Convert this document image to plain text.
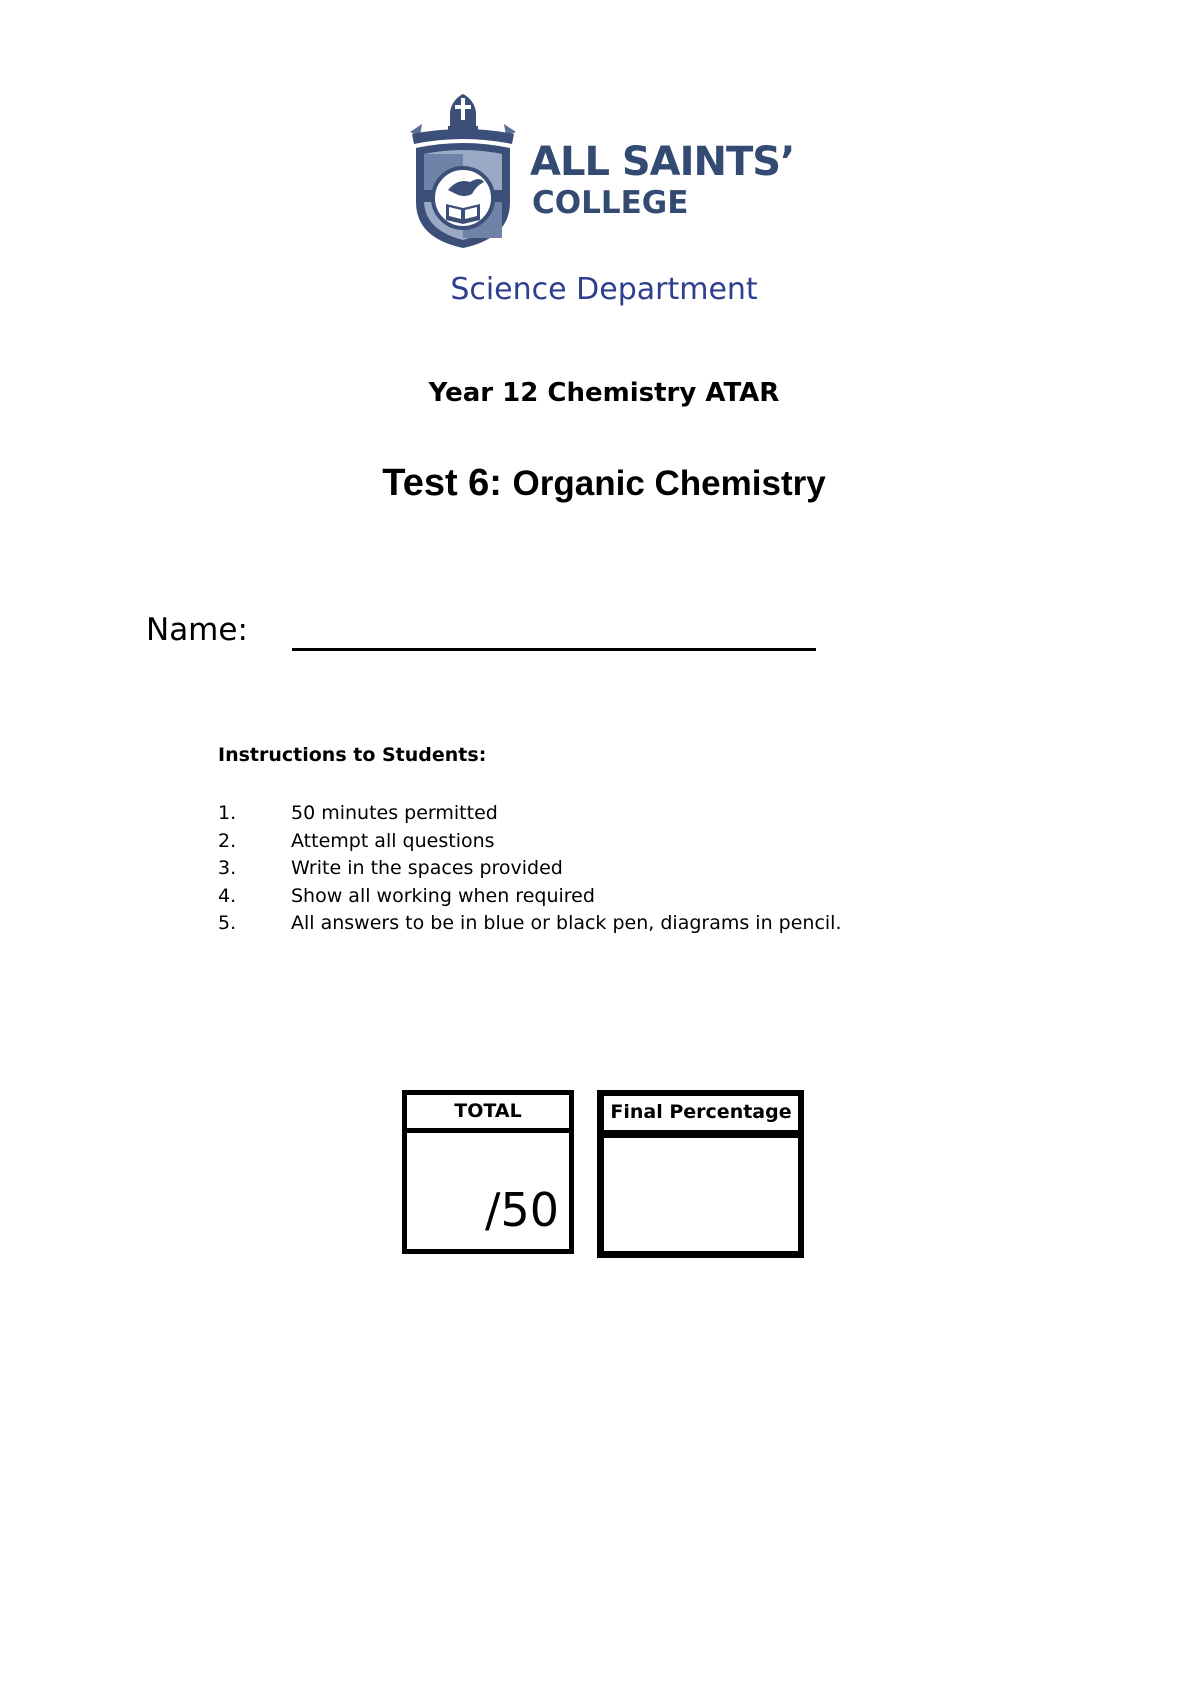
ALL SAINTS’
COLLEGE
Science Department
Year 12 Chemistry ATAR
Test 6: Organic Chemistry
Name:
Instructions to Students:
1.	50 minutes permitted
2.	Attempt all questions
3.	Write in the spaces provided
4.	Show all working when required
5.	All answers to be in blue or black pen, diagrams in pencil.
TOTAL
/50
Final Percentage
